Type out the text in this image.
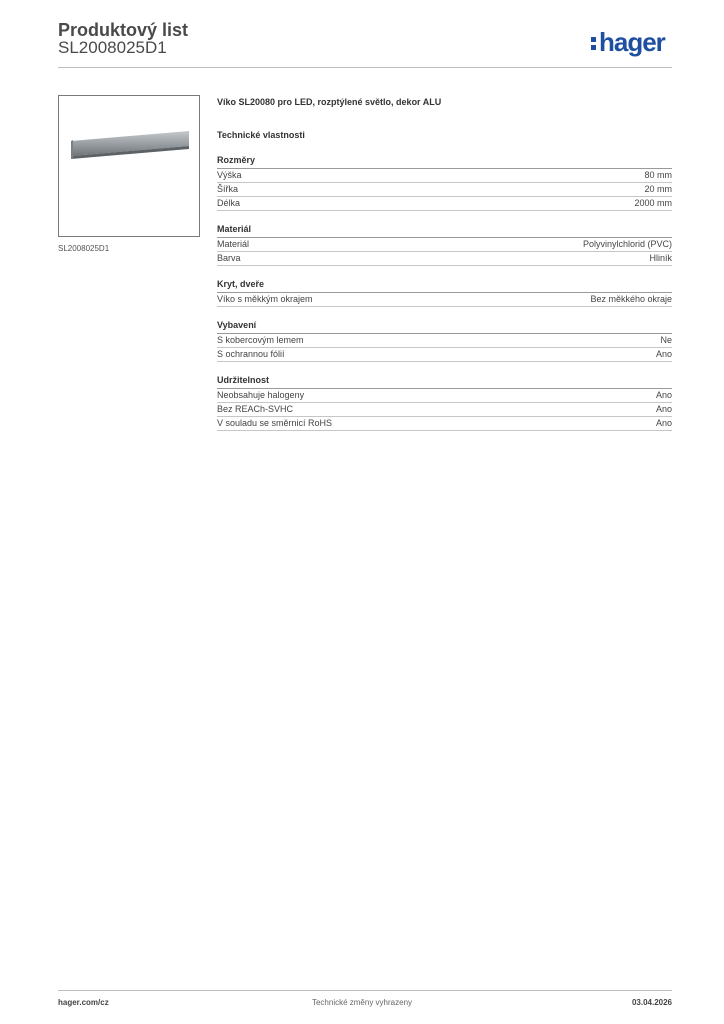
Produktový list
SL2008025D1	hager
SL2008025D1
Víko SL20080 pro LED, rozptýlené světlo, dekor ALU
Technické vlastnosti
Rozměry
Výška	80 mm
Šířka	20 mm
Délka	2000 mm
Materiál
Materiál	Polyvinylchlorid (PVC)
Barva	Hliník
Kryt, dveře
Víko s měkkým okrajem	Bez měkkého okraje
Vybavení
S kobercovým lemem	Ne
S ochrannou fólií	Ano
Udržitelnost
Neobsahuje halogeny	Ano
Bez REACh-SVHC	Ano
V souladu se směrnicí RoHS	Ano
hager.com/cz	Technické změny vyhrazeny	03.04.2026
